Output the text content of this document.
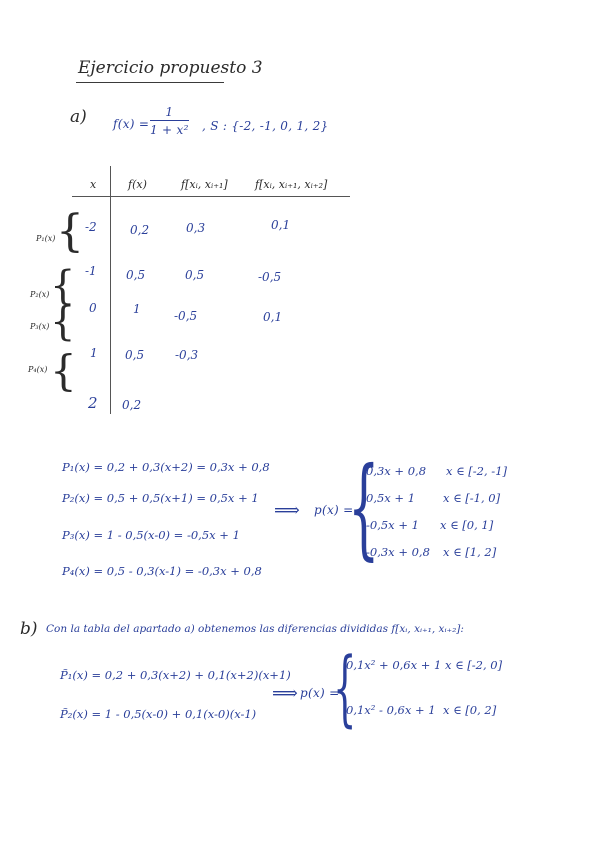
Ejercicio propuesto 3
a) $f(x) = \frac{1}{\text{1 + x²}}$ , S : {-2, -1, 0, 1, 2}
x	f(x)	f[xᵢ, xᵢ₊₁] f[xᵢ, xᵢ₊₁, xᵢ₊₂]
-2
-1
0
1
2
0,2
0,5
1
0,5
0,2
0,3
0,5
-0,5
-0,3
0,1
-0,5
0,1
P₁(x) {
P₂(x) {
P₃(x) {
P₄(x) {
P₁(x) = 0,2 + 0,3(x+2) = 0,3x + 0,8
P₂(x) = 0,5 + 0,5(x+1) = 0,5x + 1
P₃(x) = 1 - 0,5(x-0) = -0,5x + 1
P₄(x) = 0,5 - 0,3(x-1) = -0,3x + 0,8
⟹ p(x) =
{
0,3x + 0,8 x ∈ [-2, -1]
0,5x + 1 x ∈ [-1, 0]
-0,5x + 1 x ∈ [0, 1]
-0,3x + 0,8 x ∈ [1, 2]
b) Con la tabla del apartado a) obtenemos las diferencias divididas f[xᵢ, xᵢ₊₁, xᵢ₊₂]:
P̃₁(x) = 0,2 + 0,3(x+2) + 0,1(x+2)(x+1)
P̃₂(x) = 1 - 0,5(x-0) + 0,1(x-0)(x-1)
⟹ p(x) =
{
0,1x² + 0,6x + 1 x ∈ [-2, 0]
0,1x² - 0,6x + 1 x ∈ [0, 2]
